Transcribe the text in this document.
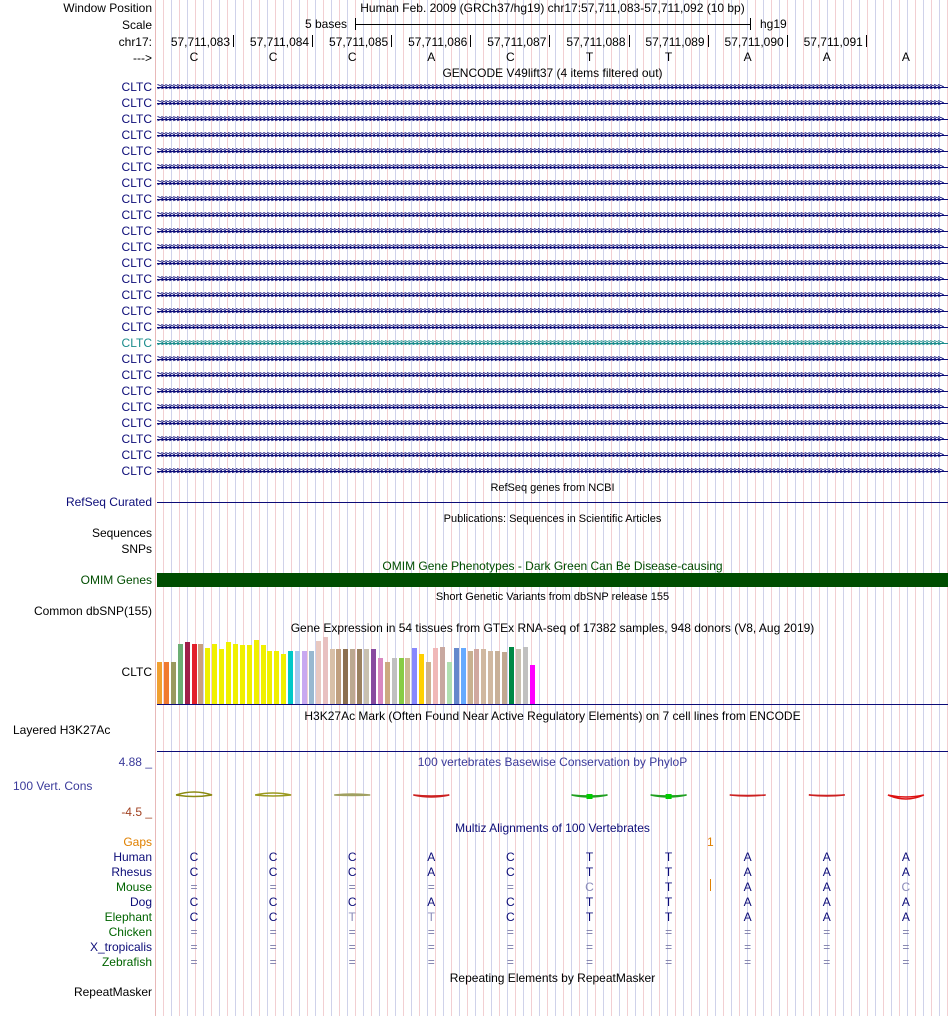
Window Position	Human Feb. 2009 (GRCh37/hg19) chr17:57,711,083-57,711,092 (10 bp)
Scale	5 bases	hg19
chr17:	57,711,083	57,711,084	57,711,085	57,711,086	57,711,087	57,711,088	57,711,089	57,711,090	57,711,091
--->	C	C	C	A	C	T	T	A	A	A
GENCODE V49lift37 (4 items filtered out)
CLTC >>>>>>>>>>>>>>>>>>>>>>>>>>>>>>>>>>>>>>>>>>>>>>>>>>>>>>>>>>>>>>>>>>>>>>>>>>>>>>>>>>>>>>>>>>>>>>>>>>>>>>>>>>>>>>>>>>>>>>>>>>>>>>>>>>>>>>>>>>>>>>>>>>>>>>>>>>>>>>>>>>>>>>>>>>>>>>>>>>>>>>>>>>>>>>>>>>>>>>>>
CLTC >>>>>>>>>>>>>>>>>>>>>>>>>>>>>>>>>>>>>>>>>>>>>>>>>>>>>>>>>>>>>>>>>>>>>>>>>>>>>>>>>>>>>>>>>>>>>>>>>>>>>>>>>>>>>>>>>>>>>>>>>>>>>>>>>>>>>>>>>>>>>>>>>>>>>>>>>>>>>>>>>>>>>>>>>>>>>>>>>>>>>>>>>>>>>>>>>>>>>>>>
CLTC >>>>>>>>>>>>>>>>>>>>>>>>>>>>>>>>>>>>>>>>>>>>>>>>>>>>>>>>>>>>>>>>>>>>>>>>>>>>>>>>>>>>>>>>>>>>>>>>>>>>>>>>>>>>>>>>>>>>>>>>>>>>>>>>>>>>>>>>>>>>>>>>>>>>>>>>>>>>>>>>>>>>>>>>>>>>>>>>>>>>>>>>>>>>>>>>>>>>>>>>
CLTC >>>>>>>>>>>>>>>>>>>>>>>>>>>>>>>>>>>>>>>>>>>>>>>>>>>>>>>>>>>>>>>>>>>>>>>>>>>>>>>>>>>>>>>>>>>>>>>>>>>>>>>>>>>>>>>>>>>>>>>>>>>>>>>>>>>>>>>>>>>>>>>>>>>>>>>>>>>>>>>>>>>>>>>>>>>>>>>>>>>>>>>>>>>>>>>>>>>>>>>>
CLTC >>>>>>>>>>>>>>>>>>>>>>>>>>>>>>>>>>>>>>>>>>>>>>>>>>>>>>>>>>>>>>>>>>>>>>>>>>>>>>>>>>>>>>>>>>>>>>>>>>>>>>>>>>>>>>>>>>>>>>>>>>>>>>>>>>>>>>>>>>>>>>>>>>>>>>>>>>>>>>>>>>>>>>>>>>>>>>>>>>>>>>>>>>>>>>>>>>>>>>>>
CLTC >>>>>>>>>>>>>>>>>>>>>>>>>>>>>>>>>>>>>>>>>>>>>>>>>>>>>>>>>>>>>>>>>>>>>>>>>>>>>>>>>>>>>>>>>>>>>>>>>>>>>>>>>>>>>>>>>>>>>>>>>>>>>>>>>>>>>>>>>>>>>>>>>>>>>>>>>>>>>>>>>>>>>>>>>>>>>>>>>>>>>>>>>>>>>>>>>>>>>>>>
CLTC >>>>>>>>>>>>>>>>>>>>>>>>>>>>>>>>>>>>>>>>>>>>>>>>>>>>>>>>>>>>>>>>>>>>>>>>>>>>>>>>>>>>>>>>>>>>>>>>>>>>>>>>>>>>>>>>>>>>>>>>>>>>>>>>>>>>>>>>>>>>>>>>>>>>>>>>>>>>>>>>>>>>>>>>>>>>>>>>>>>>>>>>>>>>>>>>>>>>>>>>
CLTC >>>>>>>>>>>>>>>>>>>>>>>>>>>>>>>>>>>>>>>>>>>>>>>>>>>>>>>>>>>>>>>>>>>>>>>>>>>>>>>>>>>>>>>>>>>>>>>>>>>>>>>>>>>>>>>>>>>>>>>>>>>>>>>>>>>>>>>>>>>>>>>>>>>>>>>>>>>>>>>>>>>>>>>>>>>>>>>>>>>>>>>>>>>>>>>>>>>>>>>>
CLTC >>>>>>>>>>>>>>>>>>>>>>>>>>>>>>>>>>>>>>>>>>>>>>>>>>>>>>>>>>>>>>>>>>>>>>>>>>>>>>>>>>>>>>>>>>>>>>>>>>>>>>>>>>>>>>>>>>>>>>>>>>>>>>>>>>>>>>>>>>>>>>>>>>>>>>>>>>>>>>>>>>>>>>>>>>>>>>>>>>>>>>>>>>>>>>>>>>>>>>>>
CLTC >>>>>>>>>>>>>>>>>>>>>>>>>>>>>>>>>>>>>>>>>>>>>>>>>>>>>>>>>>>>>>>>>>>>>>>>>>>>>>>>>>>>>>>>>>>>>>>>>>>>>>>>>>>>>>>>>>>>>>>>>>>>>>>>>>>>>>>>>>>>>>>>>>>>>>>>>>>>>>>>>>>>>>>>>>>>>>>>>>>>>>>>>>>>>>>>>>>>>>>>
CLTC >>>>>>>>>>>>>>>>>>>>>>>>>>>>>>>>>>>>>>>>>>>>>>>>>>>>>>>>>>>>>>>>>>>>>>>>>>>>>>>>>>>>>>>>>>>>>>>>>>>>>>>>>>>>>>>>>>>>>>>>>>>>>>>>>>>>>>>>>>>>>>>>>>>>>>>>>>>>>>>>>>>>>>>>>>>>>>>>>>>>>>>>>>>>>>>>>>>>>>>>
CLTC >>>>>>>>>>>>>>>>>>>>>>>>>>>>>>>>>>>>>>>>>>>>>>>>>>>>>>>>>>>>>>>>>>>>>>>>>>>>>>>>>>>>>>>>>>>>>>>>>>>>>>>>>>>>>>>>>>>>>>>>>>>>>>>>>>>>>>>>>>>>>>>>>>>>>>>>>>>>>>>>>>>>>>>>>>>>>>>>>>>>>>>>>>>>>>>>>>>>>>>>
CLTC >>>>>>>>>>>>>>>>>>>>>>>>>>>>>>>>>>>>>>>>>>>>>>>>>>>>>>>>>>>>>>>>>>>>>>>>>>>>>>>>>>>>>>>>>>>>>>>>>>>>>>>>>>>>>>>>>>>>>>>>>>>>>>>>>>>>>>>>>>>>>>>>>>>>>>>>>>>>>>>>>>>>>>>>>>>>>>>>>>>>>>>>>>>>>>>>>>>>>>>>
CLTC >>>>>>>>>>>>>>>>>>>>>>>>>>>>>>>>>>>>>>>>>>>>>>>>>>>>>>>>>>>>>>>>>>>>>>>>>>>>>>>>>>>>>>>>>>>>>>>>>>>>>>>>>>>>>>>>>>>>>>>>>>>>>>>>>>>>>>>>>>>>>>>>>>>>>>>>>>>>>>>>>>>>>>>>>>>>>>>>>>>>>>>>>>>>>>>>>>>>>>>>
CLTC >>>>>>>>>>>>>>>>>>>>>>>>>>>>>>>>>>>>>>>>>>>>>>>>>>>>>>>>>>>>>>>>>>>>>>>>>>>>>>>>>>>>>>>>>>>>>>>>>>>>>>>>>>>>>>>>>>>>>>>>>>>>>>>>>>>>>>>>>>>>>>>>>>>>>>>>>>>>>>>>>>>>>>>>>>>>>>>>>>>>>>>>>>>>>>>>>>>>>>>>
CLTC >>>>>>>>>>>>>>>>>>>>>>>>>>>>>>>>>>>>>>>>>>>>>>>>>>>>>>>>>>>>>>>>>>>>>>>>>>>>>>>>>>>>>>>>>>>>>>>>>>>>>>>>>>>>>>>>>>>>>>>>>>>>>>>>>>>>>>>>>>>>>>>>>>>>>>>>>>>>>>>>>>>>>>>>>>>>>>>>>>>>>>>>>>>>>>>>>>>>>>>>
CLTC >>>>>>>>>>>>>>>>>>>>>>>>>>>>>>>>>>>>>>>>>>>>>>>>>>>>>>>>>>>>>>>>>>>>>>>>>>>>>>>>>>>>>>>>>>>>>>>>>>>>>>>>>>>>>>>>>>>>>>>>>>>>>>>>>>>>>>>>>>>>>>>>>>>>>>>>>>>>>>>>>>>>>>>>>>>>>>>>>>>>>>>>>>>>>>>>>>>>>>>>
CLTC >>>>>>>>>>>>>>>>>>>>>>>>>>>>>>>>>>>>>>>>>>>>>>>>>>>>>>>>>>>>>>>>>>>>>>>>>>>>>>>>>>>>>>>>>>>>>>>>>>>>>>>>>>>>>>>>>>>>>>>>>>>>>>>>>>>>>>>>>>>>>>>>>>>>>>>>>>>>>>>>>>>>>>>>>>>>>>>>>>>>>>>>>>>>>>>>>>>>>>>>
CLTC >>>>>>>>>>>>>>>>>>>>>>>>>>>>>>>>>>>>>>>>>>>>>>>>>>>>>>>>>>>>>>>>>>>>>>>>>>>>>>>>>>>>>>>>>>>>>>>>>>>>>>>>>>>>>>>>>>>>>>>>>>>>>>>>>>>>>>>>>>>>>>>>>>>>>>>>>>>>>>>>>>>>>>>>>>>>>>>>>>>>>>>>>>>>>>>>>>>>>>>>
CLTC >>>>>>>>>>>>>>>>>>>>>>>>>>>>>>>>>>>>>>>>>>>>>>>>>>>>>>>>>>>>>>>>>>>>>>>>>>>>>>>>>>>>>>>>>>>>>>>>>>>>>>>>>>>>>>>>>>>>>>>>>>>>>>>>>>>>>>>>>>>>>>>>>>>>>>>>>>>>>>>>>>>>>>>>>>>>>>>>>>>>>>>>>>>>>>>>>>>>>>>>
CLTC >>>>>>>>>>>>>>>>>>>>>>>>>>>>>>>>>>>>>>>>>>>>>>>>>>>>>>>>>>>>>>>>>>>>>>>>>>>>>>>>>>>>>>>>>>>>>>>>>>>>>>>>>>>>>>>>>>>>>>>>>>>>>>>>>>>>>>>>>>>>>>>>>>>>>>>>>>>>>>>>>>>>>>>>>>>>>>>>>>>>>>>>>>>>>>>>>>>>>>>>
CLTC >>>>>>>>>>>>>>>>>>>>>>>>>>>>>>>>>>>>>>>>>>>>>>>>>>>>>>>>>>>>>>>>>>>>>>>>>>>>>>>>>>>>>>>>>>>>>>>>>>>>>>>>>>>>>>>>>>>>>>>>>>>>>>>>>>>>>>>>>>>>>>>>>>>>>>>>>>>>>>>>>>>>>>>>>>>>>>>>>>>>>>>>>>>>>>>>>>>>>>>>
CLTC >>>>>>>>>>>>>>>>>>>>>>>>>>>>>>>>>>>>>>>>>>>>>>>>>>>>>>>>>>>>>>>>>>>>>>>>>>>>>>>>>>>>>>>>>>>>>>>>>>>>>>>>>>>>>>>>>>>>>>>>>>>>>>>>>>>>>>>>>>>>>>>>>>>>>>>>>>>>>>>>>>>>>>>>>>>>>>>>>>>>>>>>>>>>>>>>>>>>>>>>
CLTC >>>>>>>>>>>>>>>>>>>>>>>>>>>>>>>>>>>>>>>>>>>>>>>>>>>>>>>>>>>>>>>>>>>>>>>>>>>>>>>>>>>>>>>>>>>>>>>>>>>>>>>>>>>>>>>>>>>>>>>>>>>>>>>>>>>>>>>>>>>>>>>>>>>>>>>>>>>>>>>>>>>>>>>>>>>>>>>>>>>>>>>>>>>>>>>>>>>>>>>>
CLTC >>>>>>>>>>>>>>>>>>>>>>>>>>>>>>>>>>>>>>>>>>>>>>>>>>>>>>>>>>>>>>>>>>>>>>>>>>>>>>>>>>>>>>>>>>>>>>>>>>>>>>>>>>>>>>>>>>>>>>>>>>>>>>>>>>>>>>>>>>>>>>>>>>>>>>>>>>>>>>>>>>>>>>>>>>>>>>>>>>>>>>>>>>>>>>>>>>>>>>>>
RefSeq genes from NCBI
RefSeq Curated
Publications: Sequences in Scientific Articles
Sequences
SNPs
OMIM Gene Phenotypes - Dark Green Can Be Disease-causing
OMIM Genes
Short Genetic Variants from dbSNP release 155
Common dbSNP(155)
Gene Expression in 54 tissues from GTEx RNA-seq of 17382 samples, 948 donors (V8, Aug 2019)
CLTC
H3K27Ac Mark (Often Found Near Active Regulatory Elements) on 7 cell lines from ENCODE
Layered H3K27Ac
100 vertebrates Basewise Conservation by PhyloP
4.88 _
100 Vert. Cons
-4.5 _
Multiz Alignments of 100 Vertebrates
Gaps	1
Human	C	C	C	A	C	T	T	A	A	A
Rhesus	C	C	C	A	C	T	T	A	A	A
Mouse	=	=	=	=	=	C	T	A	A	C
Dog	C	C	C	A	C	T	T	A	A	A
Elephant	C	C	T	T	C	T	T	A	A	A
Chicken	=	=	=	=	=	=	=	=	=	=
X_tropicalis	=	=	=	=	=	=	=	=	=	=
Zebrafish	=	=	=	=	=	=	=	=	=	=
Repeating Elements by RepeatMasker
RepeatMasker
